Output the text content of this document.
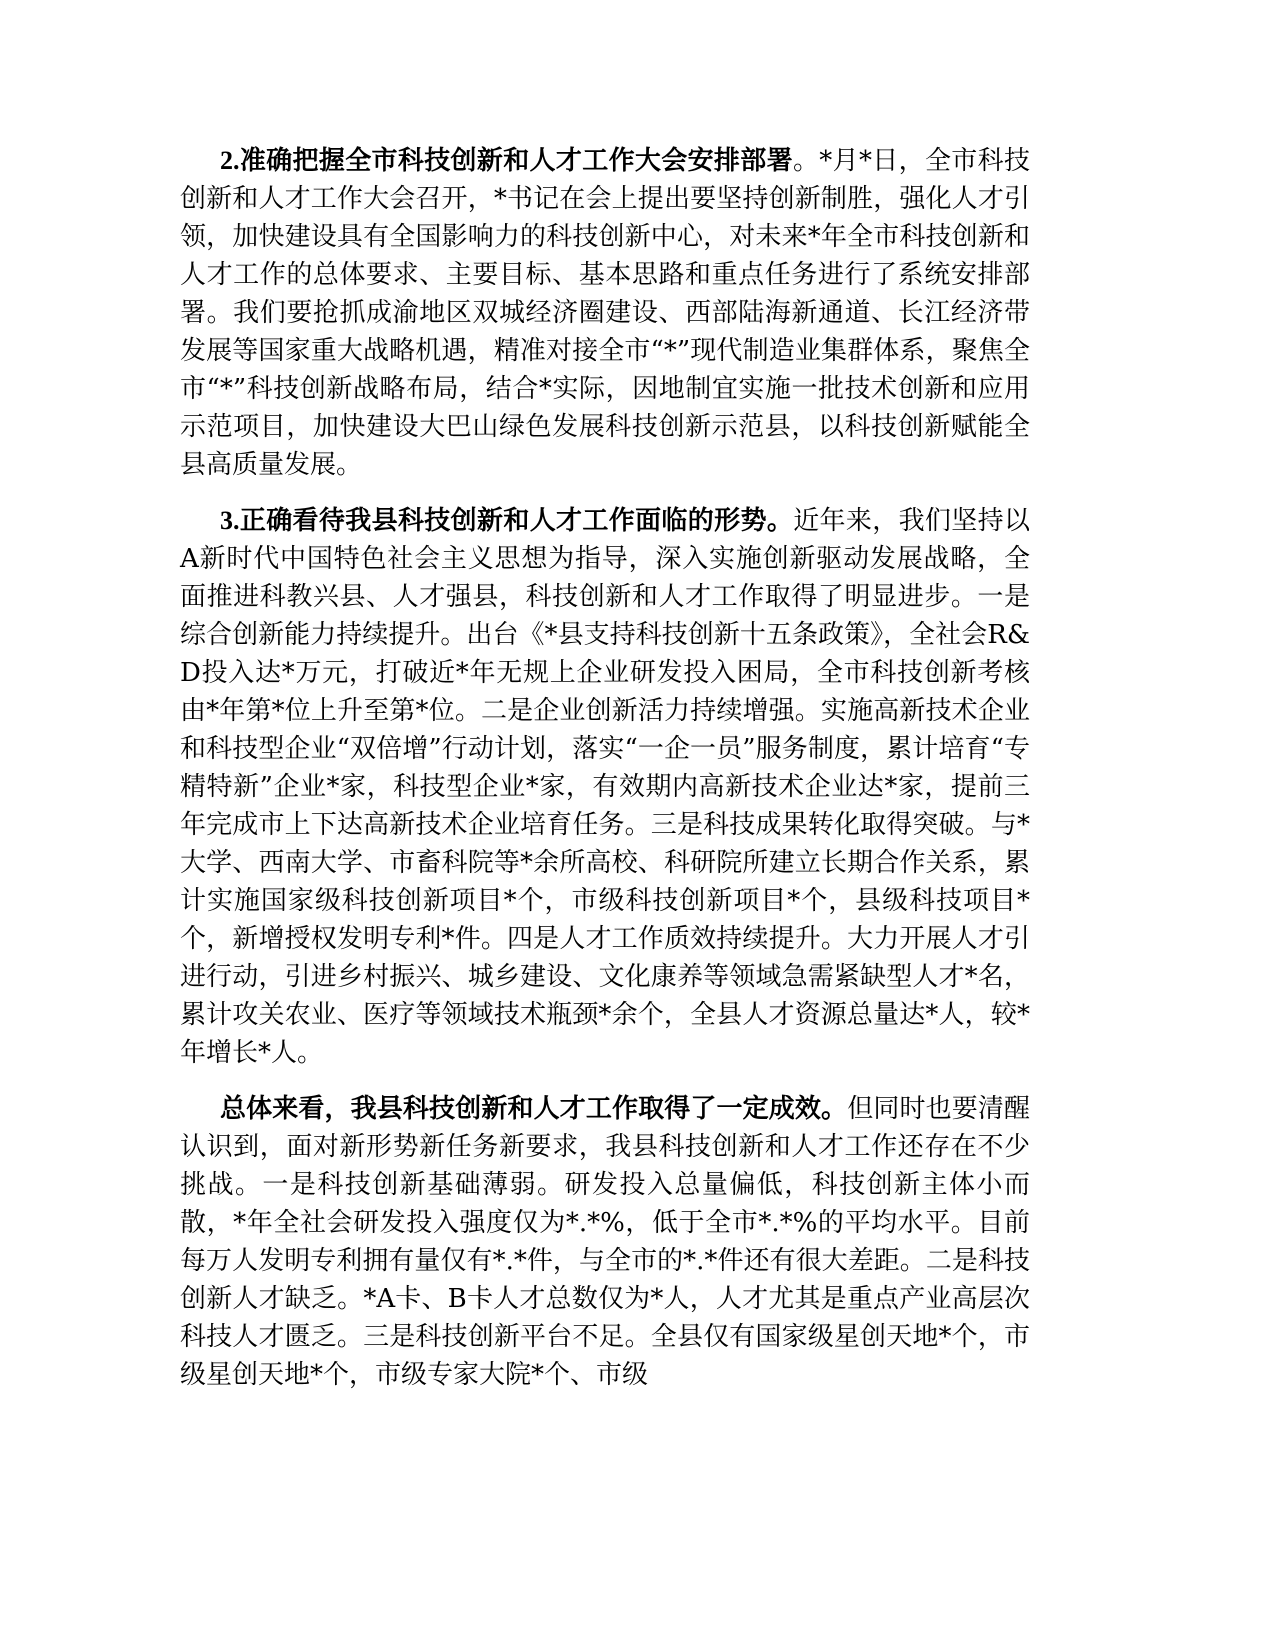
2.准确把握全市科技创新和人才工作大会安排部署。*月*日，全市科技创新和人才工作大会召开，*书记在会上提出要坚持创新制胜，强化人才引领，加快建设具有全国影响力的科技创新中心，对未来*年全市科技创新和人才工作的总体要求、主要目标、基本思路和重点任务进行了系统安排部署。我们要抢抓成渝地区双城经济圈建设、西部陆海新通道、长江经济带发展等国家重大战略机遇，精准对接全市“*”现代制造业集群体系，聚焦全市“*”科技创新战略布局，结合*实际，因地制宜实施一批技术创新和应用示范项目，加快建设大巴山绿色发展科技创新示范县，以科技创新赋能全县高质量发展。

3.正确看待我县科技创新和人才工作面临的形势。近年来，我们坚持以A新时代中国特色社会主义思想为指导，深入实施创新驱动发展战略，全面推进科教兴县、人才强县，科技创新和人才工作取得了明显进步。一是综合创新能力持续提升。出台《*县支持科技创新十五条政策》，全社会R&D投入达*万元，打破近*年无规上企业研发投入困局，全市科技创新考核由*年第*位上升至第*位。二是企业创新活力持续增强。实施高新技术企业和科技型企业“双倍增”行动计划，落实“一企一员”服务制度，累计培育“专精特新”企业*家，科技型企业*家，有效期内高新技术企业达*家，提前三年完成市上下达高新技术企业培育任务。三是科技成果转化取得突破。与*大学、西南大学、市畜科院等*余所高校、科研院所建立长期合作关系，累计实施国家级科技创新项目*个，市级科技创新项目*个，县级科技项目*个，新增授权发明专利*件。四是人才工作质效持续提升。大力开展人才引进行动，引进乡村振兴、城乡建设、文化康养等领域急需紧缺型人才*名，累计攻关农业、医疗等领域技术瓶颈*余个，全县人才资源总量达*人，较*年增长*人。

总体来看，我县科技创新和人才工作取得了一定成效。但同时也要清醒认识到，面对新形势新任务新要求，我县科技创新和人才工作还存在不少挑战。一是科技创新基础薄弱。研发投入总量偏低，科技创新主体小而散，*年全社会研发投入强度仅为*.*%，低于全市*.*%的平均水平。目前每万人发明专利拥有量仅有*.*件，与全市的*.*件还有很大差距。二是科技创新人才缺乏。*A卡、B卡人才总数仅为*人，人才尤其是重点产业高层次科技人才匮乏。三是科技创新平台不足。全县仅有国家级星创天地*个，市级星创天地*个，市级专家大院*个、市级
